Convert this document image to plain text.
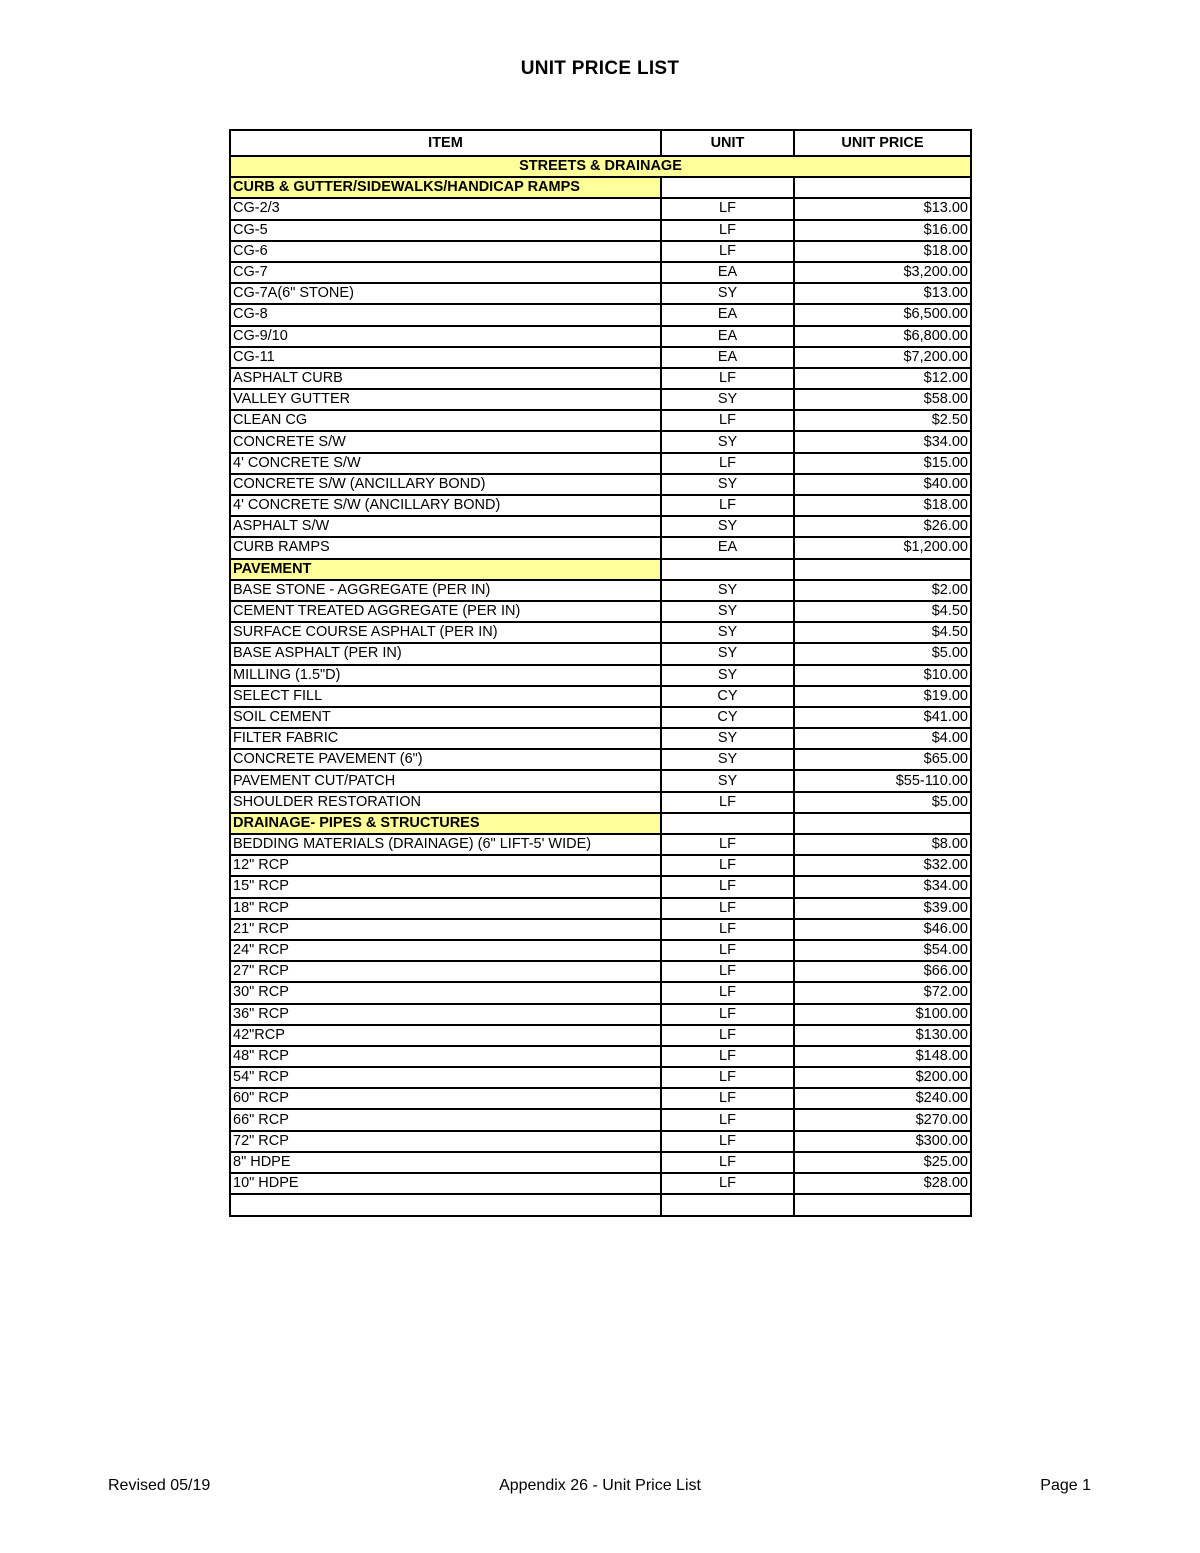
UNIT PRICE LIST
ITEM	UNIT	UNIT PRICE
STREETS & DRAINAGE		
CURB & GUTTER/SIDEWALKS/HANDICAP RAMPS		
CG-2/3	LF	$13.00
CG-5	LF	$16.00
CG-6	LF	$18.00
CG-7	EA	$3,200.00
CG-7A(6" STONE)	SY	$13.00
CG-8	EA	$6,500.00
CG-9/10	EA	$6,800.00
CG-11	EA	$7,200.00
ASPHALT CURB	LF	$12.00
VALLEY GUTTER	SY	$58.00
CLEAN CG	LF	$2.50
CONCRETE S/W	SY	$34.00
4' CONCRETE S/W	LF	$15.00
CONCRETE S/W (ANCILLARY BOND)	SY	$40.00
4' CONCRETE S/W (ANCILLARY BOND)	LF	$18.00
ASPHALT S/W	SY	$26.00
CURB RAMPS	EA	$1,200.00
PAVEMENT		
BASE STONE - AGGREGATE (PER IN)	SY	$2.00
CEMENT TREATED AGGREGATE (PER IN)	SY	$4.50
SURFACE COURSE ASPHALT (PER IN)	SY	$4.50
BASE ASPHALT (PER IN)	SY	$5.00
MILLING (1.5"D)	SY	$10.00
SELECT FILL	CY	$19.00
SOIL CEMENT	CY	$41.00
FILTER FABRIC	SY	$4.00
CONCRETE PAVEMENT (6")	SY	$65.00
PAVEMENT CUT/PATCH	SY	$55-110.00
SHOULDER RESTORATION	LF	$5.00
DRAINAGE- PIPES & STRUCTURES		
BEDDING MATERIALS (DRAINAGE) (6" LIFT-5' WIDE)	LF	$8.00
12" RCP	LF	$32.00
15" RCP	LF	$34.00
18" RCP	LF	$39.00
21" RCP	LF	$46.00
24" RCP	LF	$54.00
27" RCP	LF	$66.00
30" RCP	LF	$72.00
36" RCP	LF	$100.00
42"RCP	LF	$130.00
48" RCP	LF	$148.00
54" RCP	LF	$200.00
60" RCP	LF	$240.00
66" RCP	LF	$270.00
72" RCP	LF	$300.00
8" HDPE	LF	$25.00
10" HDPE	LF	$28.00

Revised 05/19	Appendix 26 - Unit Price List	Page 1
